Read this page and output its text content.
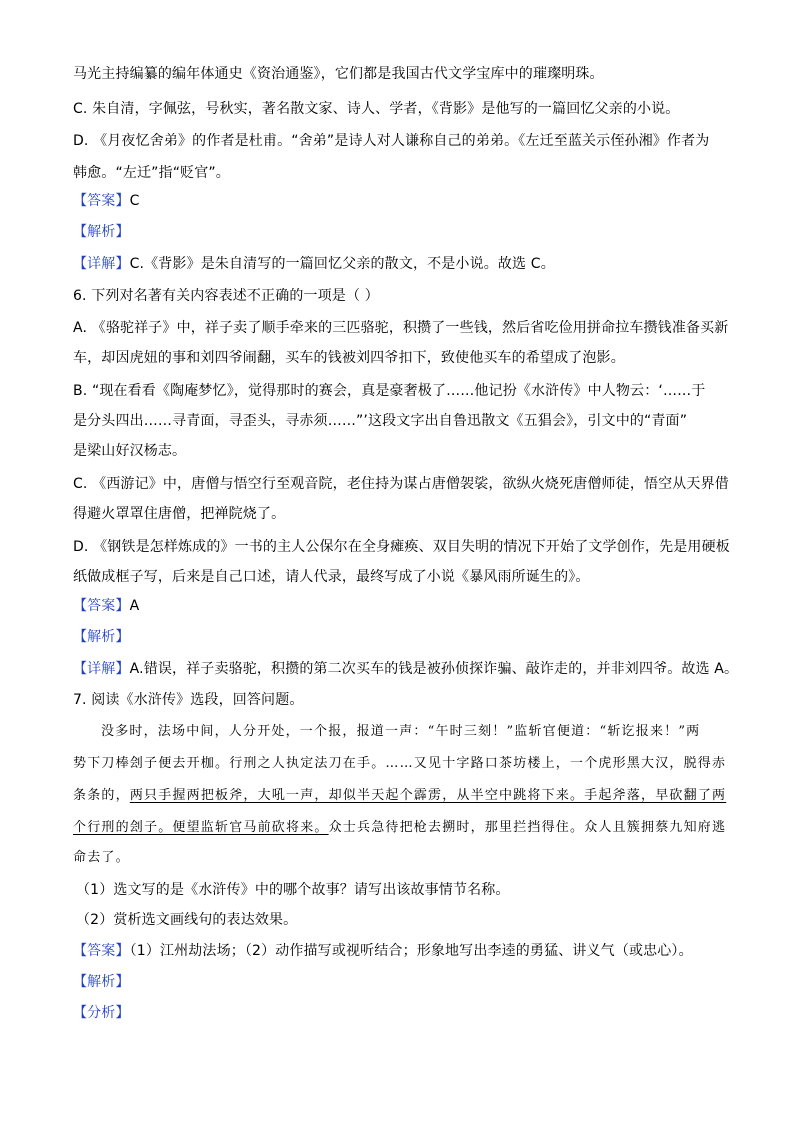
马光主持编纂的编年体通史《资治通鉴》，它们都是我国古代文学宝库中的璀璨明珠。
C. 朱自清，字佩弦，号秋实，著名散文家、诗人、学者，《背影》是他写的一篇回忆父亲的小说。
D. 《月夜忆舍弟》的作者是杜甫。“舍弟”是诗人对人谦称自己的弟弟。《左迁至蓝关示侄孙湘》作者为
韩愈。“左迁”指“贬官”。
【答案】C
【解析】
【详解】C.《背影》是朱自清写的一篇回忆父亲的散文，不是小说。故选 C。
6. 下列对名著有关内容表述不正确的一项是（ ）
A. 《骆驼祥子》中，祥子卖了顺手牵来的三匹骆驼，积攒了一些钱，然后省吃俭用拼命拉车攒钱准备买新
车，却因虎妞的事和刘四爷闹翻，买车的钱被刘四爷扣下，致使他买车的希望成了泡影。
B. “现在看看《陶庵梦忆》，觉得那时的赛会，真是豪奢极了……他记扮《水浒传》中人物云：‘……于
是分头四出……寻青面，寻歪头，寻赤须……”’这段文字出自鲁迅散文《五猖会》，引文中的“青面”
是梁山好汉杨志。
C. 《西游记》中，唐僧与悟空行至观音院，老住持为谋占唐僧袈裟，欲纵火烧死唐僧师徒，悟空从天界借
得避火罩罩住唐僧，把禅院烧了。
D. 《钢铁是怎样炼成的》一书的主人公保尔在全身瘫痪、双目失明的情况下开始了文学创作，先是用硬板
纸做成框子写，后来是自己口述，请人代录，最终写成了小说《暴风雨所诞生的》。
【答案】A
【解析】
【详解】A.错误，祥子卖骆驼，积攒的第二次买车的钱是被孙侦探诈骗、敲诈走的，并非刘四爷。故选 A。
7. 阅读《水浒传》选段，回答问题。
没多时，法场中间，人分开处，一个报，报道一声：“午时三刻！”监斩官便道：“斩讫报来！”两
势下刀棒刽子便去开枷。行刑之人执定法刀在手。……又见十字路口茶坊楼上，一个虎形黑大汉，脱得赤
条条的，两只手握两把板斧，大吼一声，却似半天起个霹雳，从半空中跳将下来。手起斧落，早砍翻了两
个行刑的刽子。便望监斩官马前砍将来。众士兵急待把枪去搠时，那里拦挡得住。众人且簇拥蔡九知府逃
命去了。
（1）选文写的是《水浒传》中的哪个故事？请写出该故事情节名称。
（2）赏析选文画线句的表达效果。
【答案】（1）江州劫法场；（2）动作描写或视听结合；形象地写出李逵的勇猛、讲义气（或忠心）。
【解析】
【分析】
